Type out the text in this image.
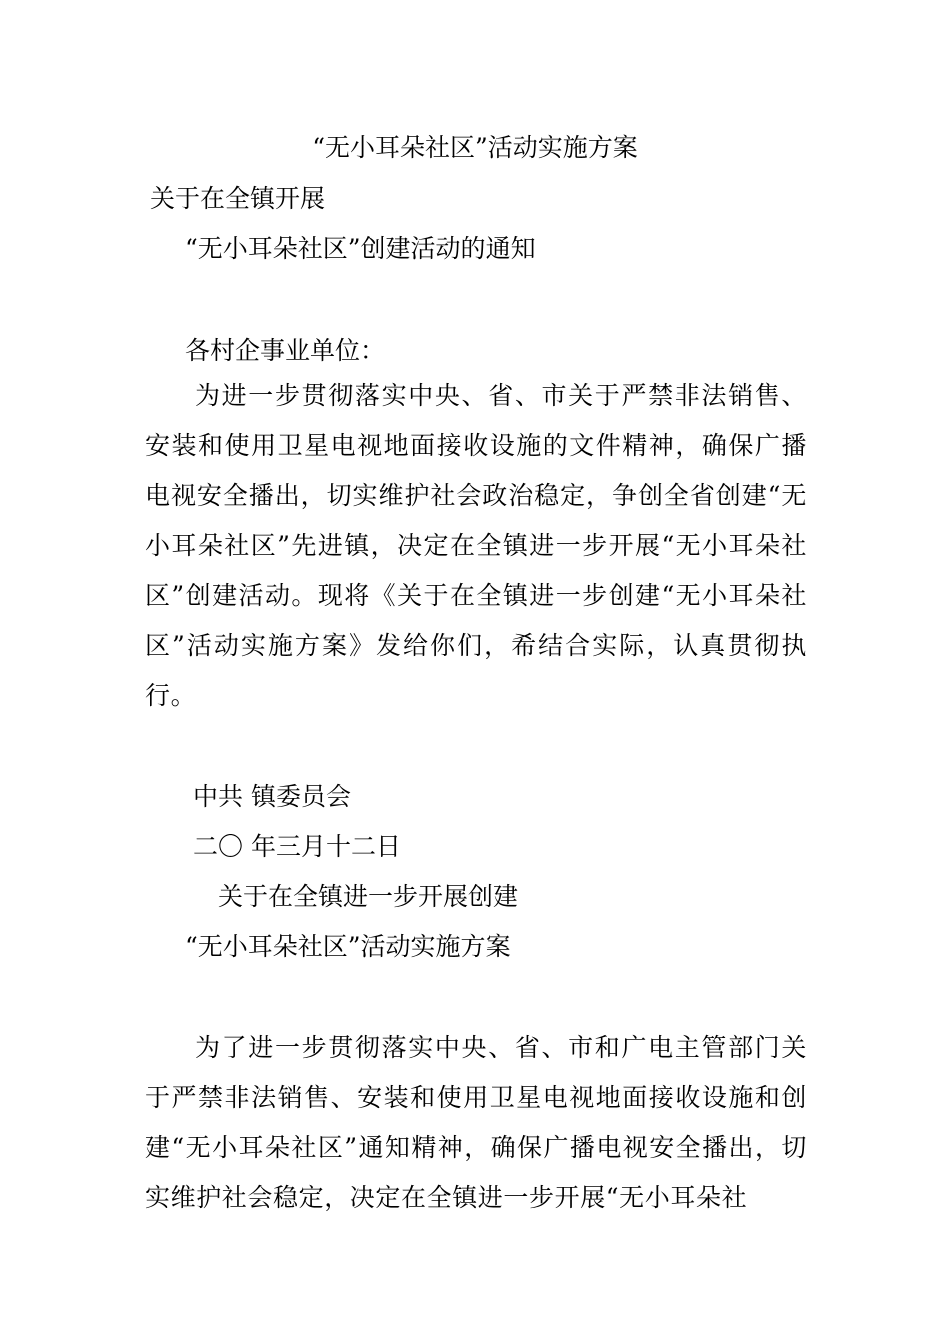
“无小耳朵社区”活动实施方案
关于在全镇开展
“无小耳朵社区”创建活动的通知
各村企事业单位：
为进一步贯彻落实中央、省、市关于严禁非法销售、安装和使用卫星电视地面接收设施的文件精神，确保广播电视安全播出，切实维护社会政治稳定，争创全省创建“无小耳朵社区”先进镇，决定在全镇进一步开展“无小耳朵社区”创建活动。现将《关于在全镇进一步创建“无小耳朵社区”活动实施方案》发给你们，希结合实际，认真贯彻执行。
中共 镇委员会
二〇 年三月十二日
关于在全镇进一步开展创建
“无小耳朵社区”活动实施方案
为了进一步贯彻落实中央、省、市和广电主管部门关于严禁非法销售、安装和使用卫星电视地面接收设施和创建“无小耳朵社区”通知精神，确保广播电视安全播出，切实维护社会稳定，决定在全镇进一步开展“无小耳朵社
